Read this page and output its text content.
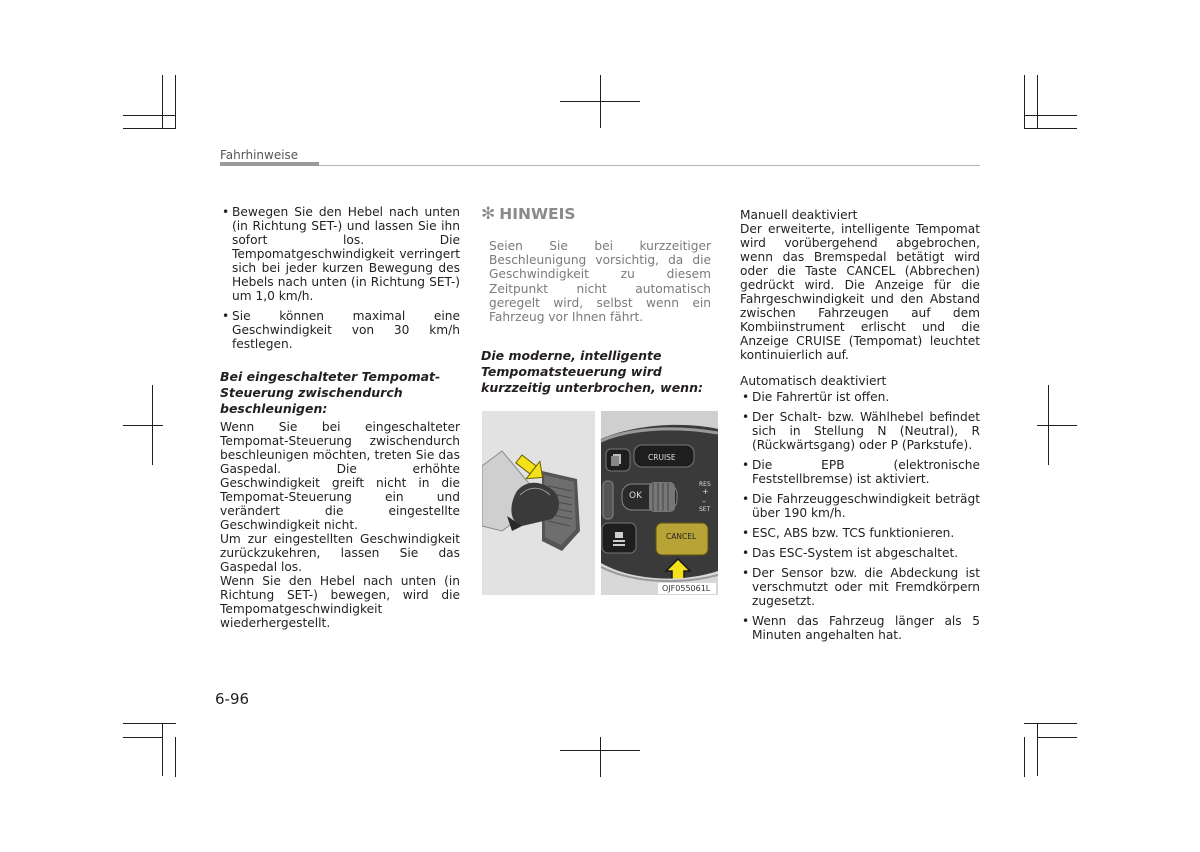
Fahrhinweise
• Bewegen Sie den Hebel nach unten (in Richtung SET-) und lassen Sie ihn sofort los. Die Tempomatgeschwindigkeit verringert sich bei jeder kurzen Bewegung des Hebels nach unten (in Richtung SET-) um 1,0 km/h.
• Sie können maximal eine Geschwindigkeit von 30 km/h festlegen.

Bei eingeschalteter Tempomat-Steuerung zwischendurch beschleunigen:

Wenn Sie bei eingeschalteter Tempomat-Steuerung zwischendurch beschleunigen möchten, treten Sie das Gaspedal. Die erhöhte Geschwindigkeit greift nicht in die Tempomat-Steuerung ein und verändert die eingestellte Geschwindigkeit nicht.

Um zur eingestellten Geschwindigkeit zurückzukehren, lassen Sie das Gaspedal los.

Wenn Sie den Hebel nach unten (in Richtung SET-) bewegen, wird die Tempomatgeschwindigkeit wiederhergestellt.

✻ HINWEIS

Seien Sie bei kurzzeitiger Beschleunigung vorsichtig, da die Geschwindigkeit zu diesem Zeitpunkt nicht automatisch geregelt wird, selbst wenn ein Fahrzeug vor Ihnen fährt.

Die moderne, intelligente Tempomatsteuerung wird kurzzeitig unterbrochen, wenn:

CRUISE
OK
RES
+
–
SET
CANCEL
OJF055061L

Manuell deaktiviert

Der erweiterte, intelligente Tempomat wird vorübergehend abgebrochen, wenn das Bremspedal betätigt wird oder die Taste CANCEL (Abbrechen) gedrückt wird. Die Anzeige für die Fahrgeschwindigkeit und den Abstand zwischen Fahrzeugen auf dem Kombiinstrument erlischt und die Anzeige CRUISE (Tempomat) leuchtet kontinuierlich auf.

Automatisch deaktiviert

• Die Fahrertür ist offen.
• Der Schalt- bzw. Wählhebel befindet sich in Stellung N (Neutral), R (Rückwärtsgang) oder P (Parkstufe).
• Die EPB (elektronische Feststellbremse) ist aktiviert.
• Die Fahrzeuggeschwindigkeit beträgt über 190 km/h.
• ESC, ABS bzw. TCS funktionieren.
• Das ESC-System ist abgeschaltet.
• Der Sensor bzw. die Abdeckung ist verschmutzt oder mit Fremdkörpern zugesetzt.
• Wenn das Fahrzeug länger als 5 Minuten angehalten hat.
6-96
